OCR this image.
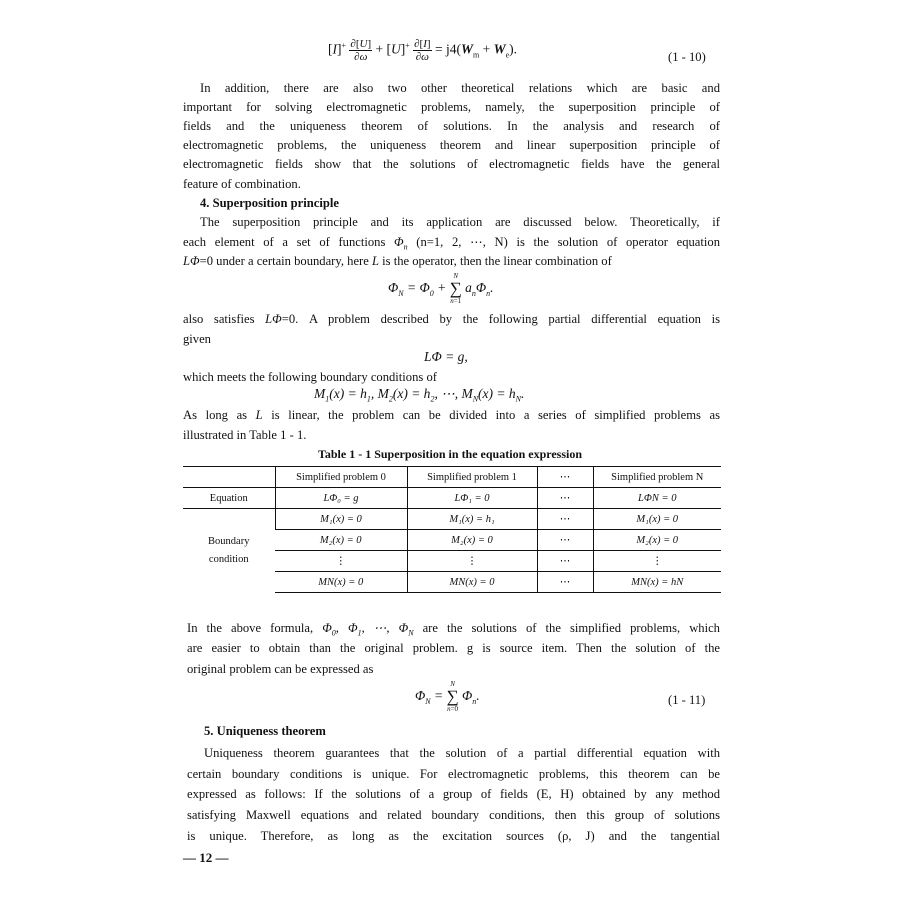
$[I]^+ \frac{\partial[U]}{\partial\omega} + [U]^+ \frac{\partial[I]}{\partial\omega} = j4(W_m + W_e)$.
(1 - 10)
In addition, there are also two other theoretical relations which are basic and
important for solving electromagnetic problems, namely, the superposition principle of
fields and the uniqueness theorem of solutions. In the analysis and research of
electromagnetic problems, the uniqueness theorem and linear superposition principle of
electromagnetic fields show that the solutions of electromagnetic fields have the general
feature of combination.
4. Superposition principle
The superposition principle and its application are discussed below. Theoretically, if
each element of a set of functions $\Phi_n$ (n=1, 2, ⋯, N) is the solution of operator equation
LΦ=0 under a certain boundary, here L is the operator, then the linear combination of
$\Phi_N = \Phi_0$ +
N
∑
n=1
$a_n\Phi_n$.
also satisfies LΦ=0. A problem described by the following partial differential equation is
given
LΦ = g,
which meets the following boundary conditions of
$M_1(x) = h_1$, $M_2(x) = h_2$, ⋯, $M_N(x) = h_N$.
As long as L is linear, the problem can be divided into a series of simplified problems as
illustrated in Table 1 - 1.
Table 1 - 1 Superposition in the equation expression
	Simplified problem 0	Simplified problem 1	⋯	Simplified problem N
Equation	LΦ₀ = g	LΦ₁ = 0	⋯	LΦN = 0
Boundary
condition	M₁(x) = 0	M₁(x) = h₁	⋯	M₁(x) = 0
	M₂(x) = 0	M₂(x) = 0	⋯	M₂(x) = 0
	⋮	⋮	⋯	⋮
	MN(x) = 0	MN(x) = 0	⋯	MN(x) = hN
In the above formula, $\Phi_0$, $\Phi_1$, ⋯, $\Phi_N$ are the solutions of the simplified problems, which
are easier to obtain than the original problem. g is source item. Then the solution of the
original problem can be expressed as
$\Phi_N$ =
N
∑
n=0
$\Phi_n$.	(1 - 11)
5. Uniqueness theorem
Uniqueness theorem guarantees that the solution of a partial differential equation with
certain boundary conditions is unique. For electromagnetic problems, this theorem can be
expressed as follows: If the solutions of a group of fields (E, H) obtained by any method
satisfying Maxwell equations and related boundary conditions, then this group of solutions
is unique. Therefore, as long as the excitation sources (ρ, J) and the tangential
— 12 —
